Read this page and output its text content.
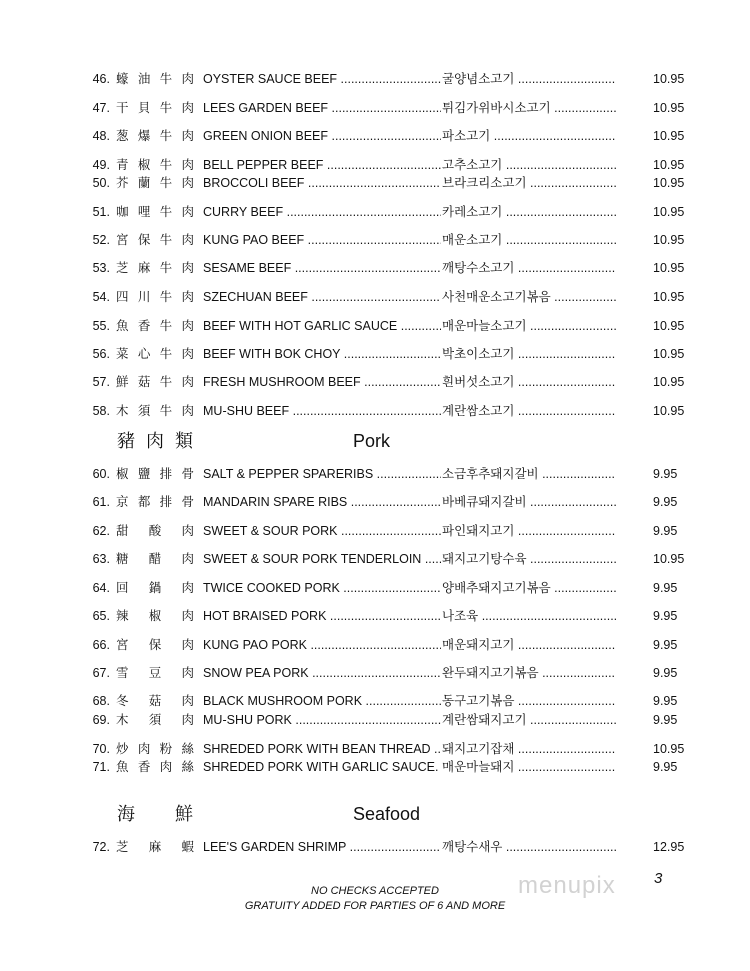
46. 蠔油牛肉 OYSTER SAUCE BEEF .....	굴양념소고기 .....	10.95
47. 干貝牛肉 LEES GARDEN BEEF .....	튀김가위바시소고기 .....	10.95
48. 葱爆牛肉 GREEN ONION BEEF .....	파소고기 .....	10.95
49. 青椒牛肉 BELL PEPPER BEEF .....	고추소고기 .....	10.95
50. 芥蘭牛肉 BROCCOLI BEEF .....	브라크리소고기 .....	10.95
51. 咖哩牛肉 CURRY BEEF .....	카레소고기 .....	10.95
52. 宮保牛肉 KUNG PAO BEEF .....	매운소고기 .....	10.95
53. 芝麻牛肉 SESAME BEEF .....	깨탕수소고기 .....	10.95
54. 四川牛肉 SZECHUAN BEEF .....	사천매운소고기볶음 .....	10.95
55. 魚香牛肉 BEEF WITH HOT GARLIC SAUCE .....	매운마늘소고기 .....	10.95
56. 菜心牛肉 BEEF WITH BOK CHOY .....	박초이소고기 .....	10.95
57. 鮮菇牛肉 FRESH MUSHROOM BEEF .....	흰버섯소고기 .....	10.95
58. 木須牛肉 MU-SHU BEEF .....	계란쌈소고기 .....	10.95
60. 椒鹽排骨 SALT & PEPPER SPARERIBS .....	소금후추돼지갈비 .....	9.95
61. 京都排骨 MANDARIN SPARE RIBS .....	바베큐돼지갈비 .....	9.95
62. 甜酸肉 SWEET & SOUR PORK .....	파인돼지고기 .....	9.95
63. 糖醋肉 SWEET & SOUR PORK TENDERLOIN .....	돼지고기탕수육 .....	10.95
64. 回鍋肉 TWICE COOKED PORK .....	양배추돼지고기볶음 .....	9.95
65. 辣椒肉 HOT BRAISED PORK .....	나조육 .....	9.95
66. 宮保肉 KUNG PAO PORK .....	매운돼지고기 .....	9.95
67. 雪豆肉 SNOW PEA PORK .....	완두돼지고기볶음 .....	9.95
68. 冬菇肉 BLACK MUSHROOM PORK .....	동구고기볶음 .....	9.95
69. 木須肉 MU-SHU PORK .....	계란쌈돼지고기 .....	9.95
70. 炒肉粉絲 SHREDED PORK WITH BEAN THREAD ..... 돼지고기잡채 .....	10.95
71. 魚香肉絲 SHREDED PORK WITH GARLIC SAUCE. ..... 매운마늘돼지 .....	9.95
72. 芝麻蝦 LEE'S GARDEN SHRIMP .....	깨탕수새우 .....	12.95
豬肉類	Pork
海鮮	Seafood
menupix	3
NO CHECKS ACCEPTED
GRATUITY ADDED FOR PARTIES OF 6 AND MORE
